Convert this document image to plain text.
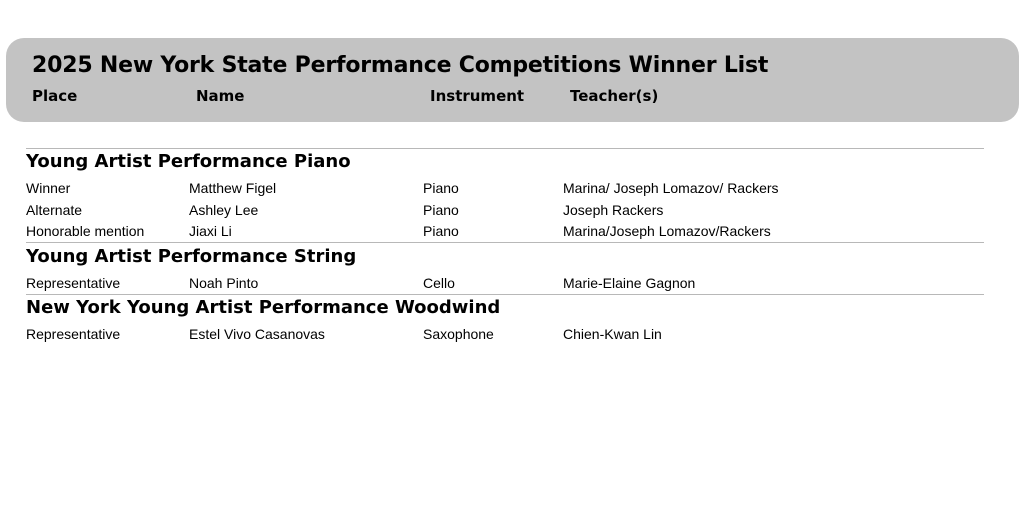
2025 New York State Performance Competitions Winner List
Place	Name	Instrument	Teacher(s)
Young Artist Performance Piano
Winner	Matthew Figel	Piano	Marina/ Joseph Lomazov/ Rackers
Alternate	Ashley Lee	Piano	Joseph Rackers
Honorable mention	Jiaxi Li	Piano	Marina/Joseph Lomazov/Rackers
Young Artist Performance String
Representative	Noah Pinto	Cello	Marie-Elaine Gagnon
New York Young Artist Performance Woodwind
Representative	Estel Vivo Casanovas	Saxophone	Chien-Kwan Lin
